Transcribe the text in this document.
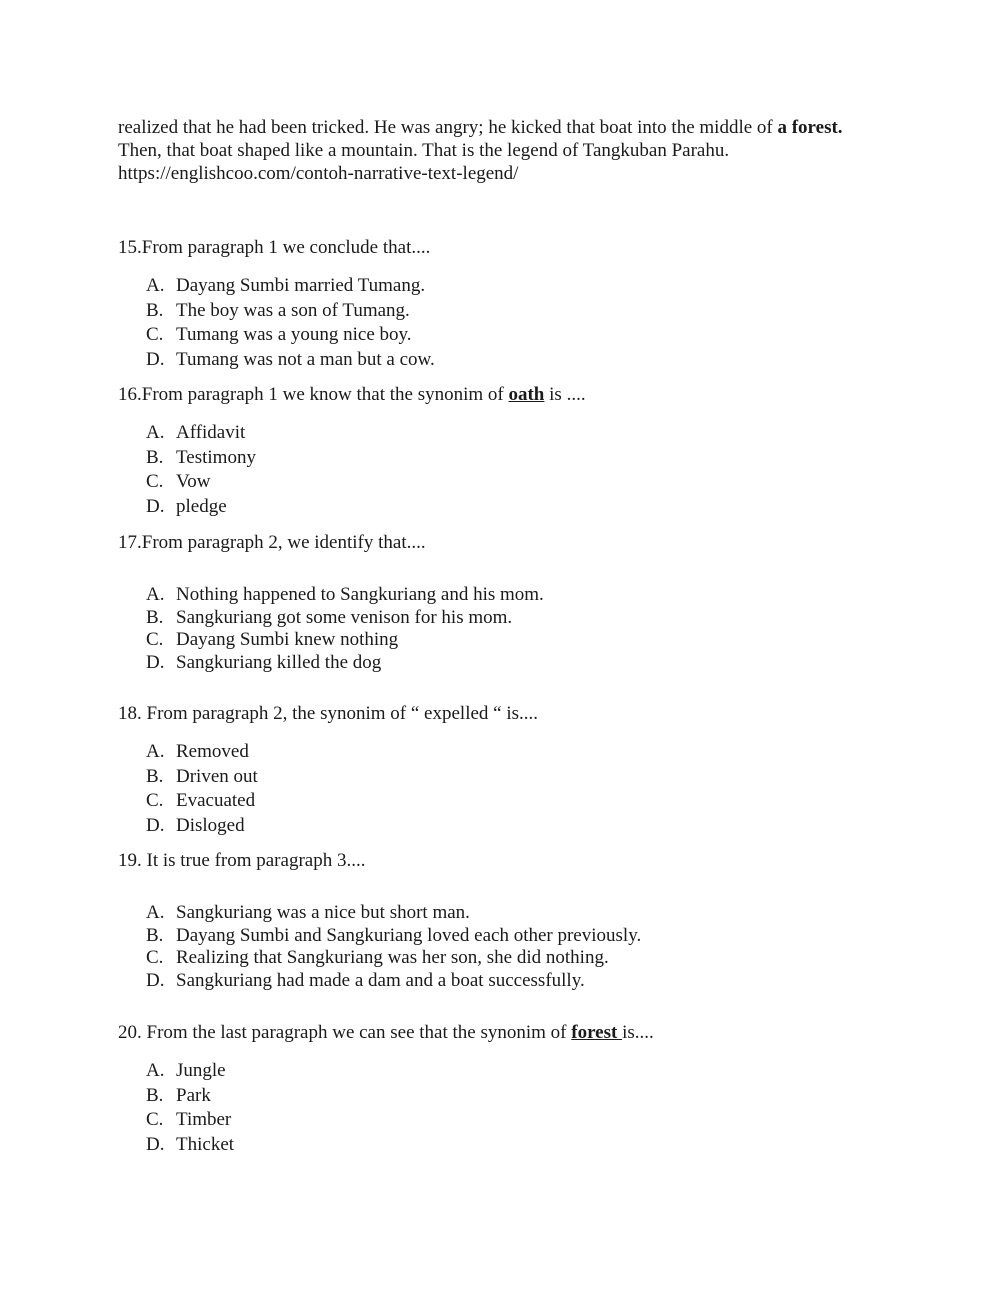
realized that he had been tricked. He was angry; he kicked that boat into the middle of a forest.
Then, that boat shaped like a mountain. That is the legend of Tangkuban Parahu.
https://englishcoo.com/contoh-narrative-text-legend/
15.From paragraph 1 we conclude that....
A. Dayang Sumbi married Tumang.
B. The boy was a son of Tumang.
C. Tumang was a young nice boy.
D. Tumang was not a man but a cow.
16.From paragraph 1 we know that the synonim of oath is ....
A. Affidavit
B. Testimony
C. Vow
D. pledge
17.From paragraph 2, we identify that....
A. Nothing happened to Sangkuriang and his mom.
B. Sangkuriang got some venison for his mom.
C. Dayang Sumbi knew nothing
D. Sangkuriang killed the dog
18. From paragraph 2, the synonim of “ expelled “ is....
A. Removed
B. Driven out
C. Evacuated
D. Disloged
19. It is true from paragraph 3....
A. Sangkuriang was a nice but short man.
B. Dayang Sumbi and Sangkuriang loved each other previously.
C. Realizing that Sangkuriang was her son, she did nothing.
D. Sangkuriang had made a dam and a boat successfully.
20. From the last paragraph we can see that the synonim of forest is....
A. Jungle
B. Park
C. Timber
D. Thicket
